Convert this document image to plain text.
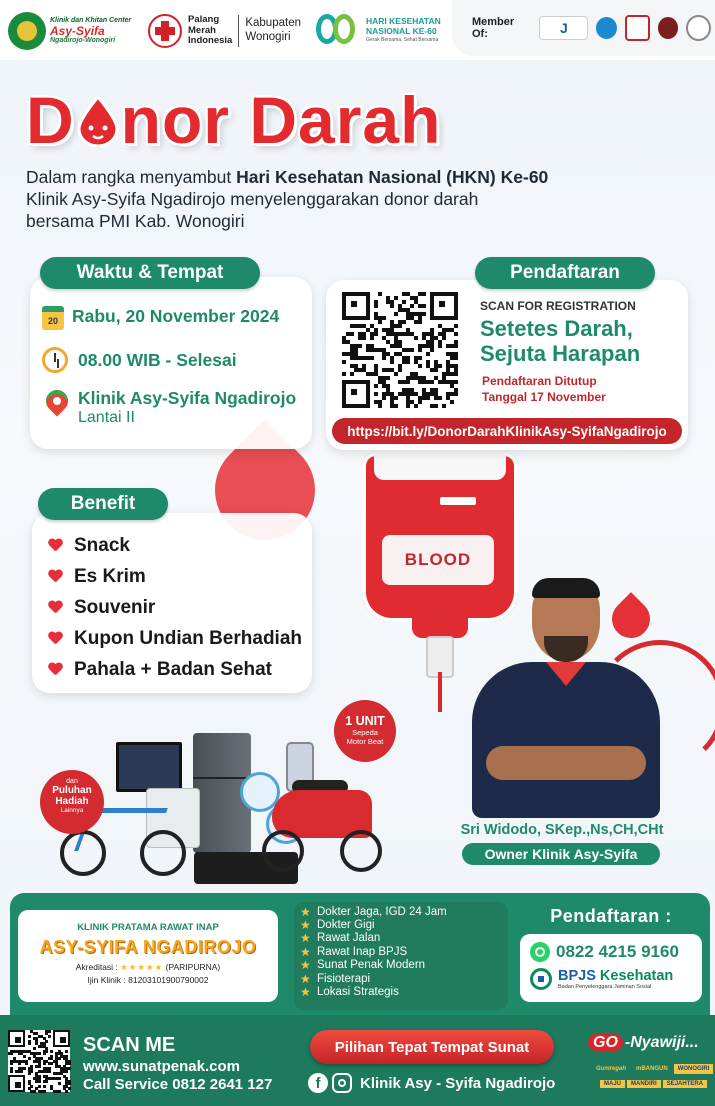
Klinik dan Khitan Center
Asy-Syifa
Ngadirojo-Wonogiri
Palang
Merah
Indonesia
Kabupaten
Wonogiri
HARI KESEHATAN
NASIONAL KE-60
Gerak Bersama, Sehat Bersama
Member Of:	J
D nor Darah
Dalam rangka menyambut Hari Kesehatan Nasional (HKN) Ke-60
Klinik Asy-Syifa Ngadirojo menyelenggarakan donor darah
bersama PMI Kab. Wonogiri
BLOOD
Waktu & Tempat
20 Rabu, 20 November 2024
08.00 WIB - Selesai
Klinik Asy-Syifa Ngadirojo
Lantai II
Pendaftaran
SCAN FOR REGISTRATION
Setetes Darah,
Sejuta Harapan
Pendaftaran Ditutup
Tanggal 17 November
https://bit.ly/DonorDarahKlinikAsy-SyifaNgadirojo
Benefit
Snack
Es Krim
Souvenir
Kupon Undian Berhadiah
Pahala + Badan Sehat
1 UNIT
Sepeda
Motor Beat
dan
Puluhan
Hadiah
Lainnya
Sri Widodo, SKep.,Ns,CH,CHt
Owner Klinik Asy-Syifa
KLINIK PRATAMA RAWAT INAP
ASY-SYIFA NGADIROJO
Akreditasi : ★★★★★ (PARIPURNA)
Ijin Klinik : 81203101900790002
★ Dokter Jaga, IGD 24 Jam
★ Dokter Gigi
★ Rawat Jalan
★ Rawat Inap BPJS
★ Sunat Penak Modern
★ Fisioterapi
★ Lokasi Strategis
Pendaftaran :
0822 4215 9160
BPJS Kesehatan
Badan Penyelenggara Jaminan Sosial
SCAN ME
www.sunatpenak.com
Call Service 0812 2641 127
Pilihan Tepat Tempat Sunat
f	Klinik Asy - Syifa Ngadirojo
GO -Nyawiji...
Gumregah	mBANGUN	WONOGIRI
MAJU	MANDIRI	SEJAHTERA
